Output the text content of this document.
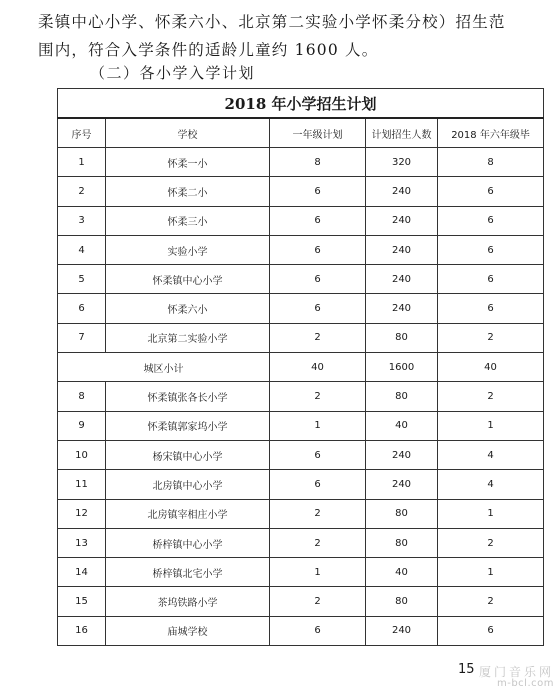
柔镇中心小学、怀柔六小、北京第二实验小学怀柔分校）招生范

围内，符合入学条件的适龄儿童约 1600 人。

（二）各小学入学计划
2018 年小学招生计划				
序号	学校	一年级计划	计划招生人数	2018 年六年级毕
1	怀柔一小	8	320	8
2	怀柔二小	6	240	6
3	怀柔三小	6	240	6
4	实验小学	6	240	6
5	怀柔镇中心小学	6	240	6
6	怀柔六小	6	240	6
7	北京第二实验小学	2	80	2
城区小计		40	1600	40
8	怀柔镇张各长小学	2	80	2
9	怀柔镇郭家坞小学	1	40	1
10	杨宋镇中心小学	6	240	4
11	北房镇中心小学	6	240	4
12	北房镇宰相庄小学	2	80	1
13	桥梓镇中心小学	2	80	2
14	桥梓镇北宅小学	1	40	1
15	茶坞铁路小学	2	80	2
16	庙城学校	6	240	6
15 厦门音乐网
m-bcl.com
